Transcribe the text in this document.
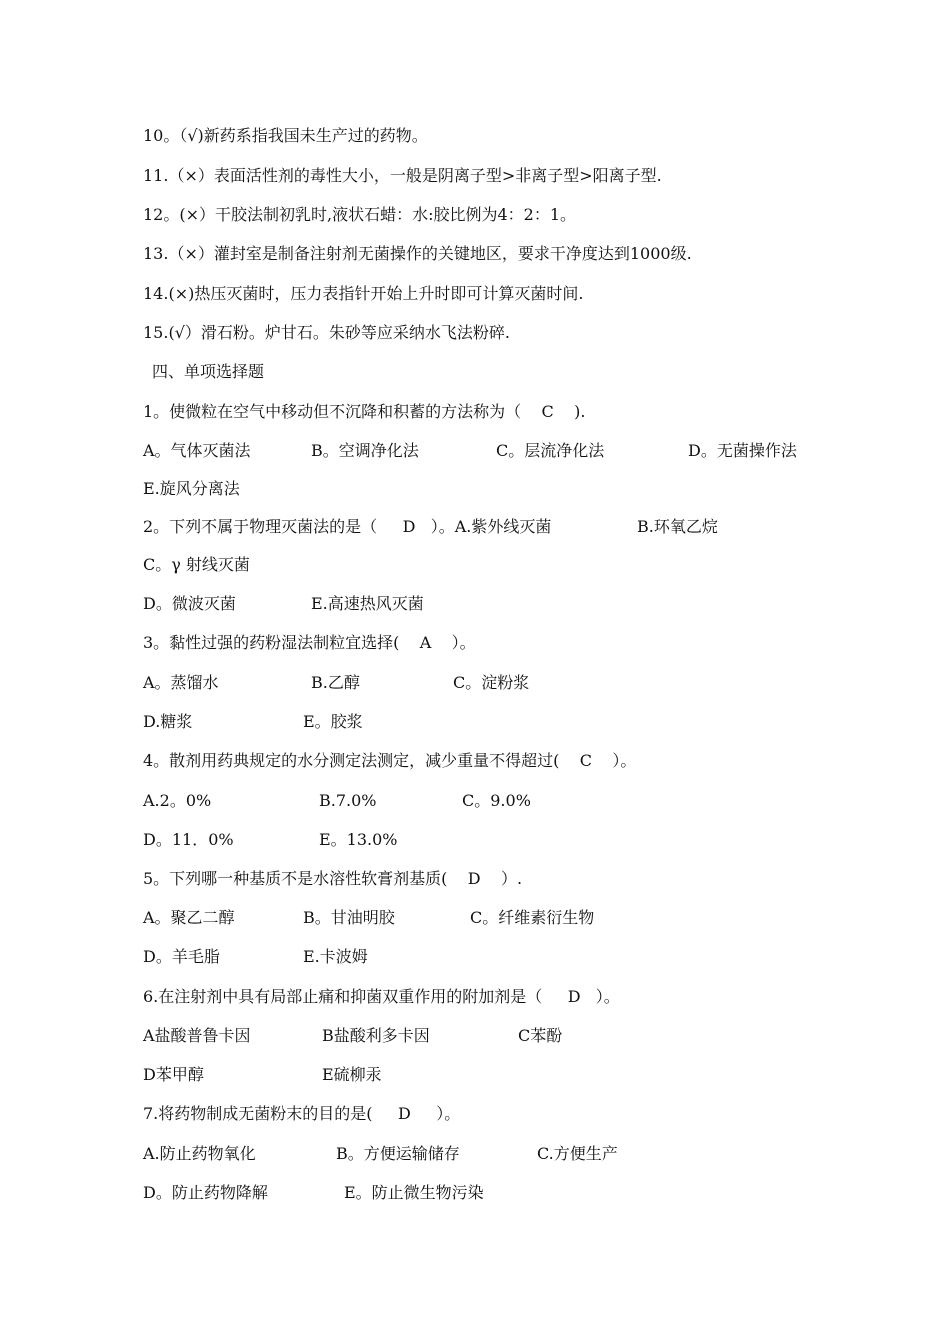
10。（√)新药系指我国未生产过的药物。
11.（×）表面活性剂的毒性大小，一般是阴离子型>非离子型>阳离子型.
12。(×）干胶法制初乳时,液状石蜡：水:胶比例为4：2：1。
13.（×）灌封室是制备注射剂无菌操作的关键地区，要求干净度达到1000级.
14.(×)热压灭菌时，压力表指针开始上升时即可计算灭菌时间.
15.(√）滑石粉。炉甘石。朱砂等应采纳水飞法粉碎.
四、单项选择题
1。使微粒在空气中移动但不沉降和积蓄的方法称为（    C    ).
A。气体灭菌法	B。空调净化法	C。层流净化法	D。无菌操作法
E.旋风分离法
2。下列不属于物理灭菌法的是（     D   ）。A.紫外线灭菌	B.环氧乙烷
C。γ 射线灭菌
D。微波灭菌	E.高速热风灭菌
3。黏性过强的药粉湿法制粒宜选择(    A    ）。
A。蒸馏水	B.乙醇	C。淀粉浆
D.糖浆	E。胶浆
4。散剂用药典规定的水分测定法测定，减少重量不得超过(    C    ）。
A.2。0%	B.7.0%	C。9.0%
D。11．0%	E。13.0%
5。下列哪一种基质不是水溶性软膏剂基质(    D    ）.
A。聚乙二醇	B。甘油明胶	C。纤维素衍生物
D。羊毛脂	E.卡波姆
6.在注射剂中具有局部止痛和抑菌双重作用的附加剂是（     D   ）。
A盐酸普鲁卡因	B盐酸利多卡因	C苯酚
D苯甲醇	E硫柳汞
7.将药物制成无菌粉末的目的是(     D     ）。
A.防止药物氧化	B。方便运输储存	C.方便生产
D。防止药物降解	E。防止微生物污染
